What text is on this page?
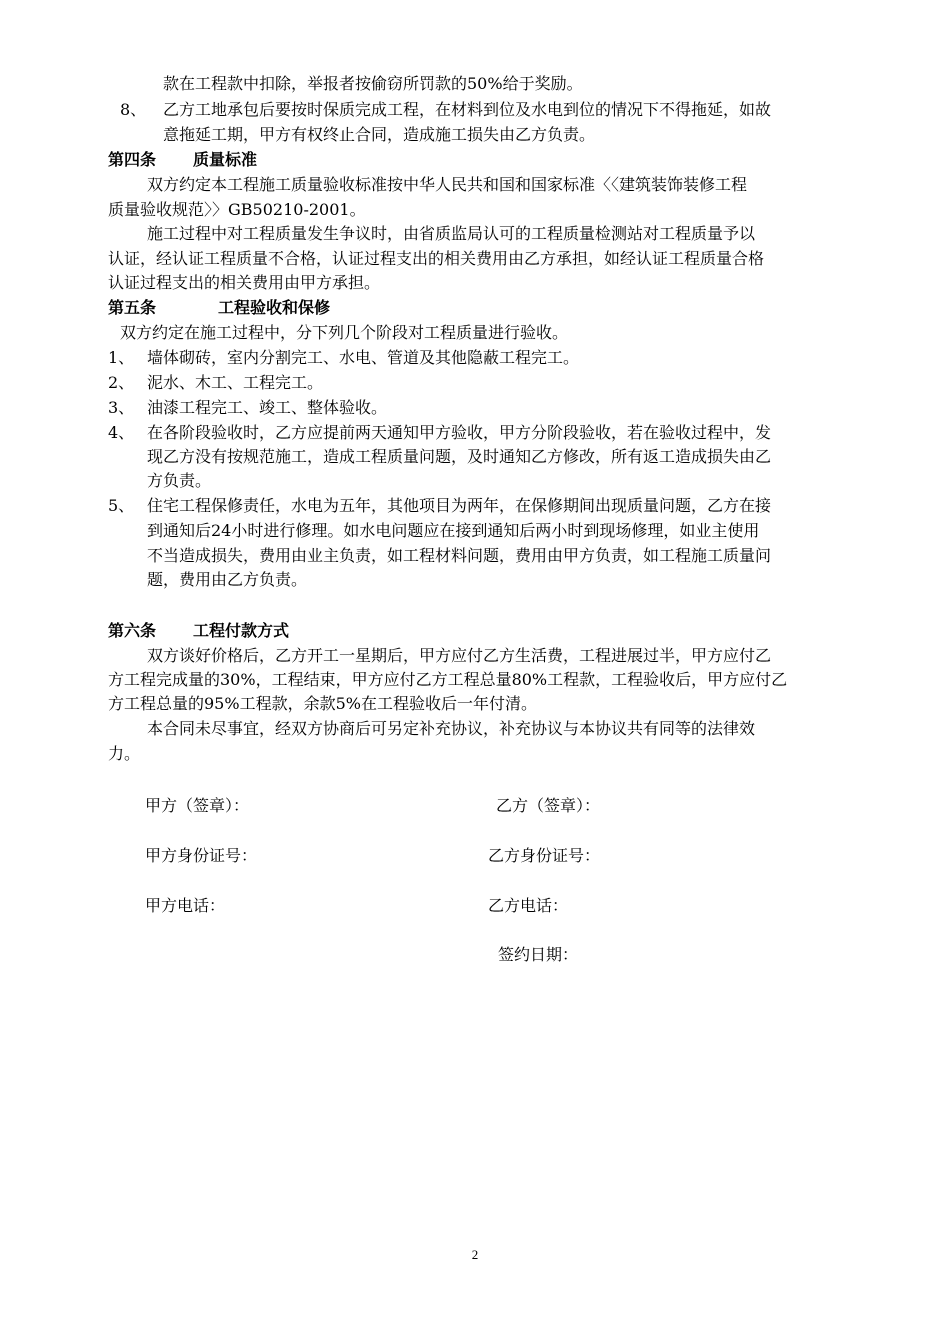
款在工程款中扣除，举报者按偷窃所罚款的50%给于奖励。
8、 乙方工地承包后要按时保质完成工程，在材料到位及水电到位的情况下不得拖延，如故
意拖延工期，甲方有权终止合同，造成施工损失由乙方负责。
第四条 质量标准
双方约定本工程施工质量验收标准按中华人民共和国和国家标准〈〈建筑装饰装修工程
质量验收规范〉〉GB50210-2001。
施工过程中对工程质量发生争议时，由省质监局认可的工程质量检测站对工程质量予以
认证，经认证工程质量不合格，认证过程支出的相关费用由乙方承担，如经认证工程质量合格
认证过程支出的相关费用由甲方承担。
第五条	工程验收和保修
双方约定在施工过程中，分下列几个阶段对工程质量进行验收。
1、 墙体砌砖，室内分割完工、水电、管道及其他隐蔽工程完工。
2、 泥水、木工、工程完工。
3、 油漆工程完工、竣工、整体验收。
4、 在各阶段验收时，乙方应提前两天通知甲方验收，甲方分阶段验收，若在验收过程中，发
现乙方没有按规范施工，造成工程质量问题，及时通知乙方修改，所有返工造成损失由乙
方负责。
5、 住宅工程保修责任，水电为五年，其他项目为两年，在保修期间出现质量问题，乙方在接
到通知后24小时进行修理。如水电问题应在接到通知后两小时到现场修理，如业主使用
不当造成损失，费用由业主负责，如工程材料问题，费用由甲方负责，如工程施工质量问
题，费用由乙方负责。
第六条 工程付款方式
双方谈好价格后，乙方开工一星期后，甲方应付乙方生活费，工程进展过半，甲方应付乙
方工程完成量的30%，工程结束，甲方应付乙方工程总量80%工程款，工程验收后，甲方应付乙
方工程总量的95%工程款，余款5%在工程验收后一年付清。
本合同未尽事宜，经双方协商后可另定补充协议，补充协议与本协议共有同等的法律效
力。
甲方（签章）：	乙方（签章）：
甲方身份证号：	乙方身份证号：
甲方电话：	乙方电话：
签约日期：
2
